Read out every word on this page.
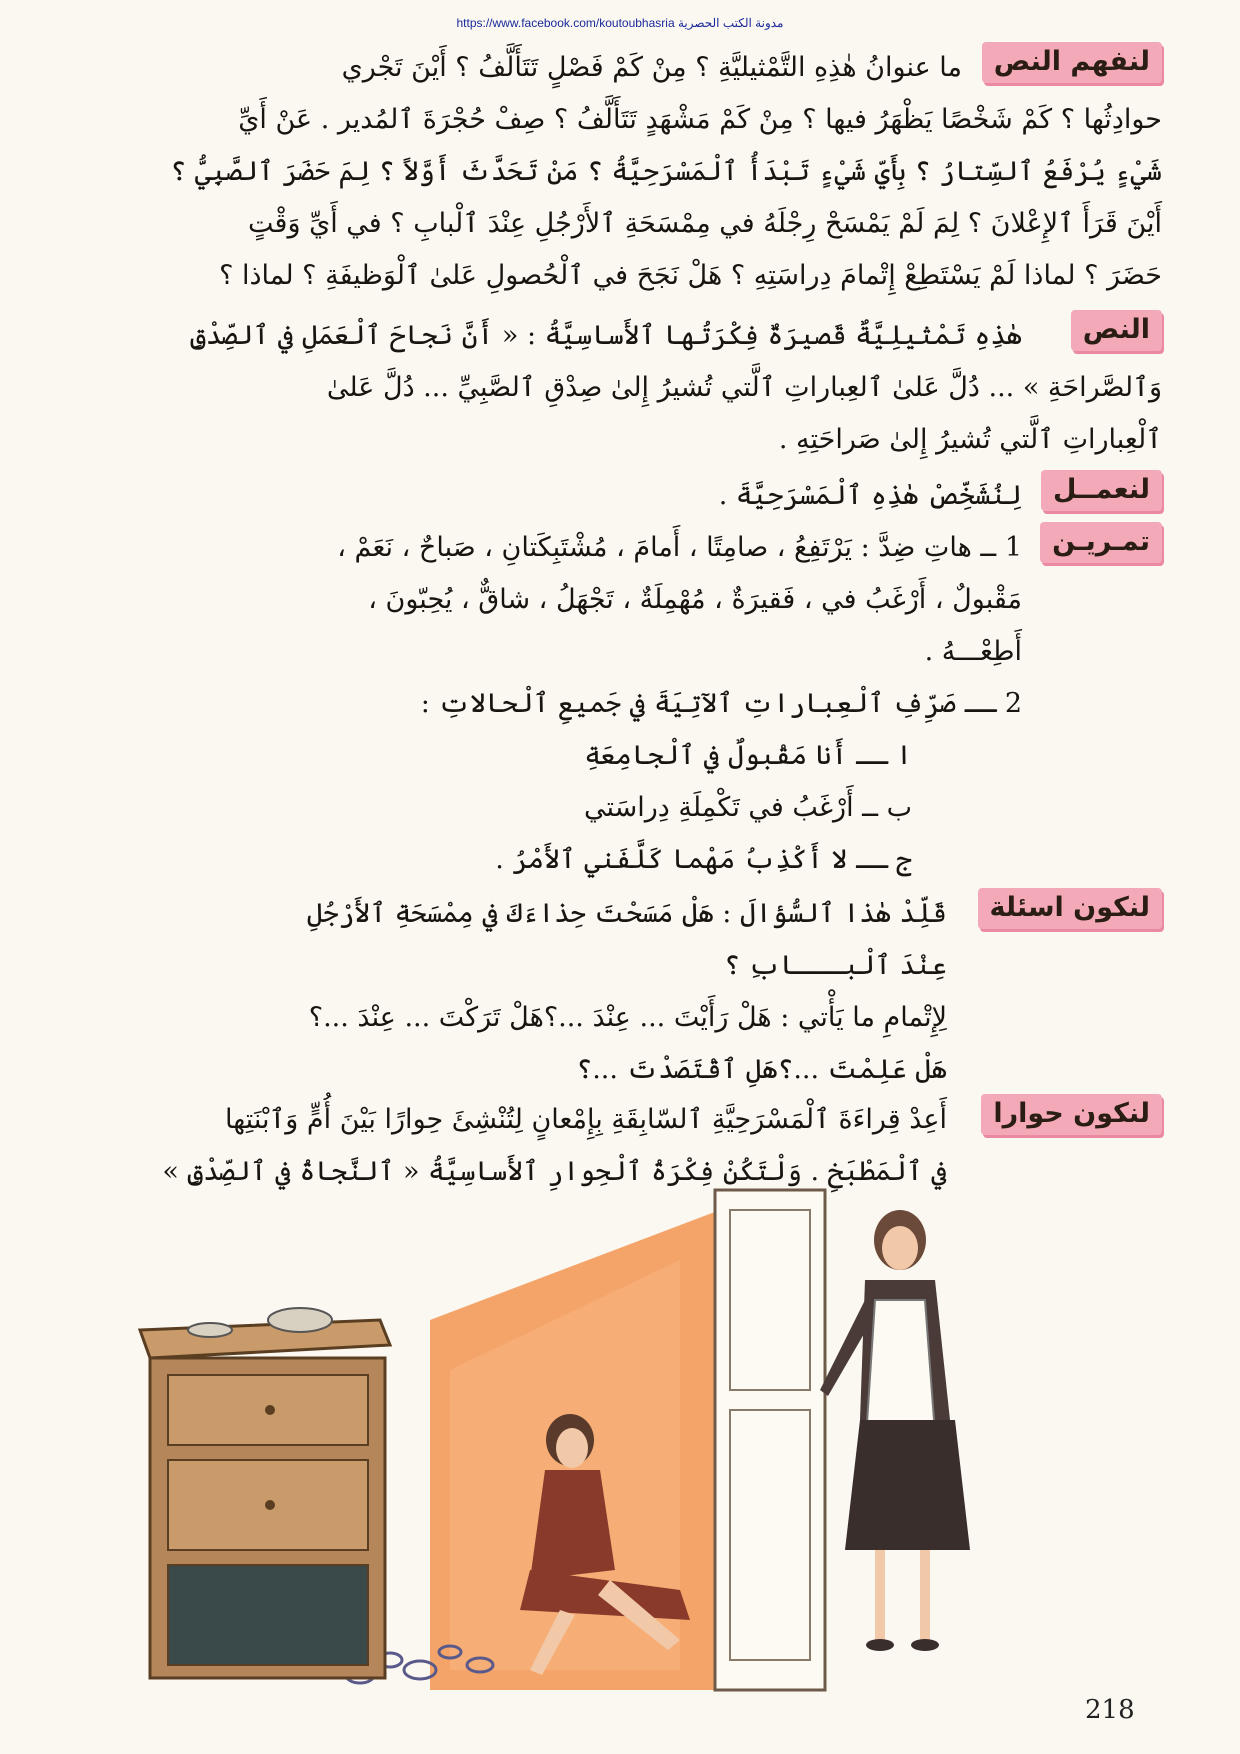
https://www.facebook.com/koutoubhasria مدونة الكتب الحصرية
لنفهم النص
ما عنوانُ هٰذِهِ التَّمْثيليَّةِ ؟ مِنْ كَمْ فَصْلٍ تَتَأَلَّفُ ؟ أَيْنَ تَجْري
حوادِثُها ؟ كَمْ شَخْصًا يَظْهَرُ فيها ؟ مِنْ كَمْ مَشْهَدٍ تَتَأَلَّفُ ؟ صِفْ حُجْرَةَ ٱلمُدير . عَنْ أَيِّ
شَيْءٍ يُرْفَعُ ٱلسِّتارُ ؟ بِأَيِّ شَيْءٍ تَبْدَأُ ٱلْمَسْرَحِيَّةُ ؟ مَنْ تَحَدَّثَ أَوَّلاً ؟ لِمَ حَضَرَ ٱلصَّبِيُّ ؟
أَيْنَ قَرَأَ ٱلإِعْلانَ ؟ لِمَ لَمْ يَمْسَحْ رِجْلَهُ في مِمْسَحَةِ ٱلأَرْجُلِ عِنْدَ ٱلْبابِ ؟ في أَيِّ وَقْتٍ
حَضَرَ ؟ لماذا لَمْ يَسْتَطِعْ إِتْمامَ دِراسَتِهِ ؟ هَلْ نَجَحَ في ٱلْحُصولِ عَلىٰ ٱلْوَظيفَةِ ؟ لماذا ؟
النص
هٰذِهِ تَمْثيلِيَّةٌ قَصيرَةٌ فِكْرَتُها ٱلأَساسِيَّةُ : « أَنَّ نَجاحَ ٱلْعَمَلِ في ٱلصِّدْقِ
وَٱلصَّراحَةِ » ... دُلَّ عَلىٰ ٱلعِباراتِ ٱلَّتي تُشيرُ إِلىٰ صِدْقِ ٱلصَّبِيِّ ... دُلَّ عَلىٰ
ٱلْعِباراتِ ٱلَّتي تُشيرُ إِلىٰ صَراحَتِهِ .
لنعمــل
لِنُشَخِّصْ هٰذِهِ ٱلْمَسْرَحِيَّةَ .
تمـريـن
1 ــ هاتِ ضِدَّ : يَرْتَفِعُ ، صامِتًا ، أَمامَ ، مُشْتَبِكَتانِ ، صَباحٌ ، نَعَمْ ،
مَقْبولٌ ، أَرْغَبُ في ، فَقيرَةٌ ، مُهْمِلَةٌ ، تَجْهَلُ ، شاقٌّ ، يُحِبّونَ ،
أَطِعْـــهُ .
2 ــ صَرِّفِ ٱلْعِباراتِ ٱلآتِيَةَ في جَميعِ ٱلْحالاتِ :
ا ــ أَنا مَقْبولٌ في ٱلْجامِعَةِ
ب ــ أَرْغَبُ في تَكْمِلَةِ دِراسَتي
ج ــ لا أَكْذِبُ مَهْما كَلَّفَني ٱلأَمْرُ .
لنكون اسئلة
قَلِّدْ هٰذا ٱلسُّؤالَ : هَلْ مَسَحْتَ حِذاءَكَ في مِمْسَحَةِ ٱلأَرْجُلِ
عِنْدَ ٱلْبـــابِ ؟
لِإِتْمامِ ما يَأْتي : هَلْ رَأَيْتَ ... عِنْدَ ...؟هَلْ تَرَكْتَ ... عِنْدَ ...؟
هَلْ عَلِمْتَ ...؟هَلِ ٱقْتَصَدْتَ ...؟
لنكون حوارا
أَعِدْ قِراءَةَ ٱلْمَسْرَحِيَّةِ ٱلسّابِقَةِ بِإِمْعانٍ لِتُنْشِئَ حِوارًا بَيْنَ أُمٍّ وَٱبْنَتِها
في ٱلْمَطْبَخِ . وَلْتَكُنْ فِكْرَةُ ٱلْحِوارِ ٱلأَساسِيَّةُ « ٱلنَّجاةُ في ٱلصِّدْقِ »
218
